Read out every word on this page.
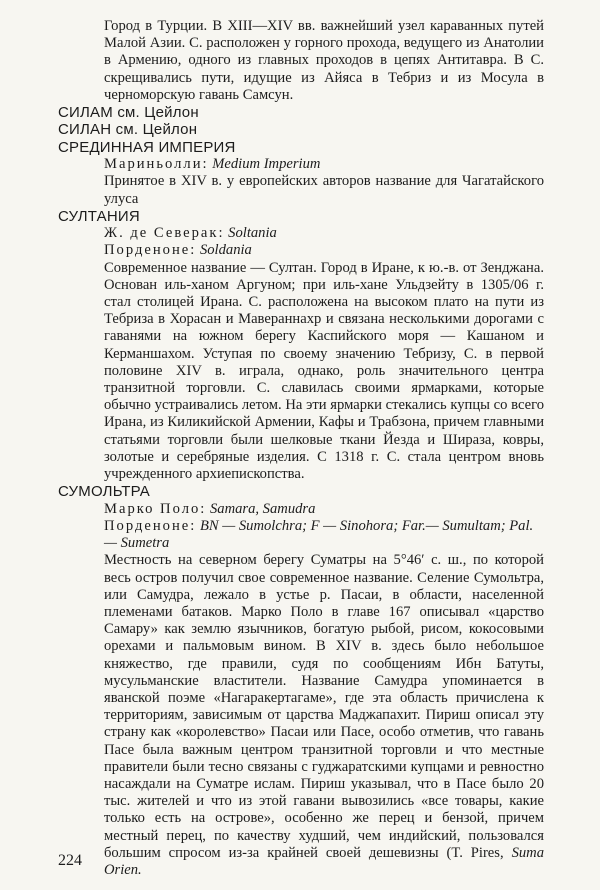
Город в Турции. В XIII—XIV вв. важнейший узел караванных путей Малой Азии. С. расположен у горного прохода, ведущего из Анатолии в Армению, одного из главных проходов в цепях Антитавра. В С. скрещивались пути, идущие из Айяса в Тебриз и из Мосула в черноморскую гавань Самсун.
СИЛАМ см. Цейлон
СИЛАН см. Цейлон
СРЕДИННАЯ ИМПЕРИЯ
Мариньолли: Medium Imperium
Принятое в XIV в. у европейских авторов название для Чагатайского улуса
СУЛТАНИЯ
Ж. де Северак: Soltania
Порденоне: Soldania
Современное название — Султан. Город в Иране, к ю.-в. от Зенджана. Основан иль-ханом Аргуном; при иль-хане Ульдзейту в 1305/06 г. стал столицей Ирана. С. расположена на высоком плато на пути из Тебриза в Хорасан и Мавераннахр и связана несколькими дорогами с гаванями на южном берегу Каспийского моря — Кашаном и Керманшахом. Уступая по своему значению Тебризу, С. в первой половине XIV в. играла, однако, роль значительного центра транзитной торговли. С. славилась своими ярмарками, которые обычно устраивались летом. На эти ярмарки стекались купцы со всего Ирана, из Киликийской Армении, Кафы и Трабзона, причем главными статьями торговли были шелковые ткани Йезда и Шираза, ковры, золотые и серебряные изделия. С 1318 г. С. стала центром вновь учрежденного архиепископства.
СУМОЛЬТРА
Марко Поло: Samara, Samudra
Порденоне: BN — Sumolchra; F — Sinohora; Far.— Sumultam; Pal.— Sumetra
Местность на северном берегу Суматры на 5°46′ с. ш., по которой весь остров получил свое современное название. Селение Сумольтра, или Самудра, лежало в устье р. Пасаи, в области, населенной племенами батаков. Марко Поло в главе 167 описывал «царство Самару» как землю язычников, богатую рыбой, рисом, кокосовыми орехами и пальмовым вином. В XIV в. здесь было небольшое княжество, где правили, судя по сообщениям Ибн Батуты, мусульманские властители. Название Самудра упоминается в яванской поэме «Нагаракертагаме», где эта область причислена к территориям, зависимым от царства Маджапахит. Пириш описал эту страну как «королевство» Пасаи или Пасе, особо отметив, что гавань Пасе была важным центром транзитной торговли и что местные правители были тесно связаны с гуджаратскими купцами и ревностно насаждали на Суматре ислам. Пириш указывал, что в Пасе было 20 тыс. жителей и что из этой гавани вывозились «все товары, какие только есть на острове», особенно же перец и бензой, причем местный перец, по качеству худший, чем индийский, пользовался большим спросом из-за крайней своей дешевизны (T. Pires, Suma Orien.
224
